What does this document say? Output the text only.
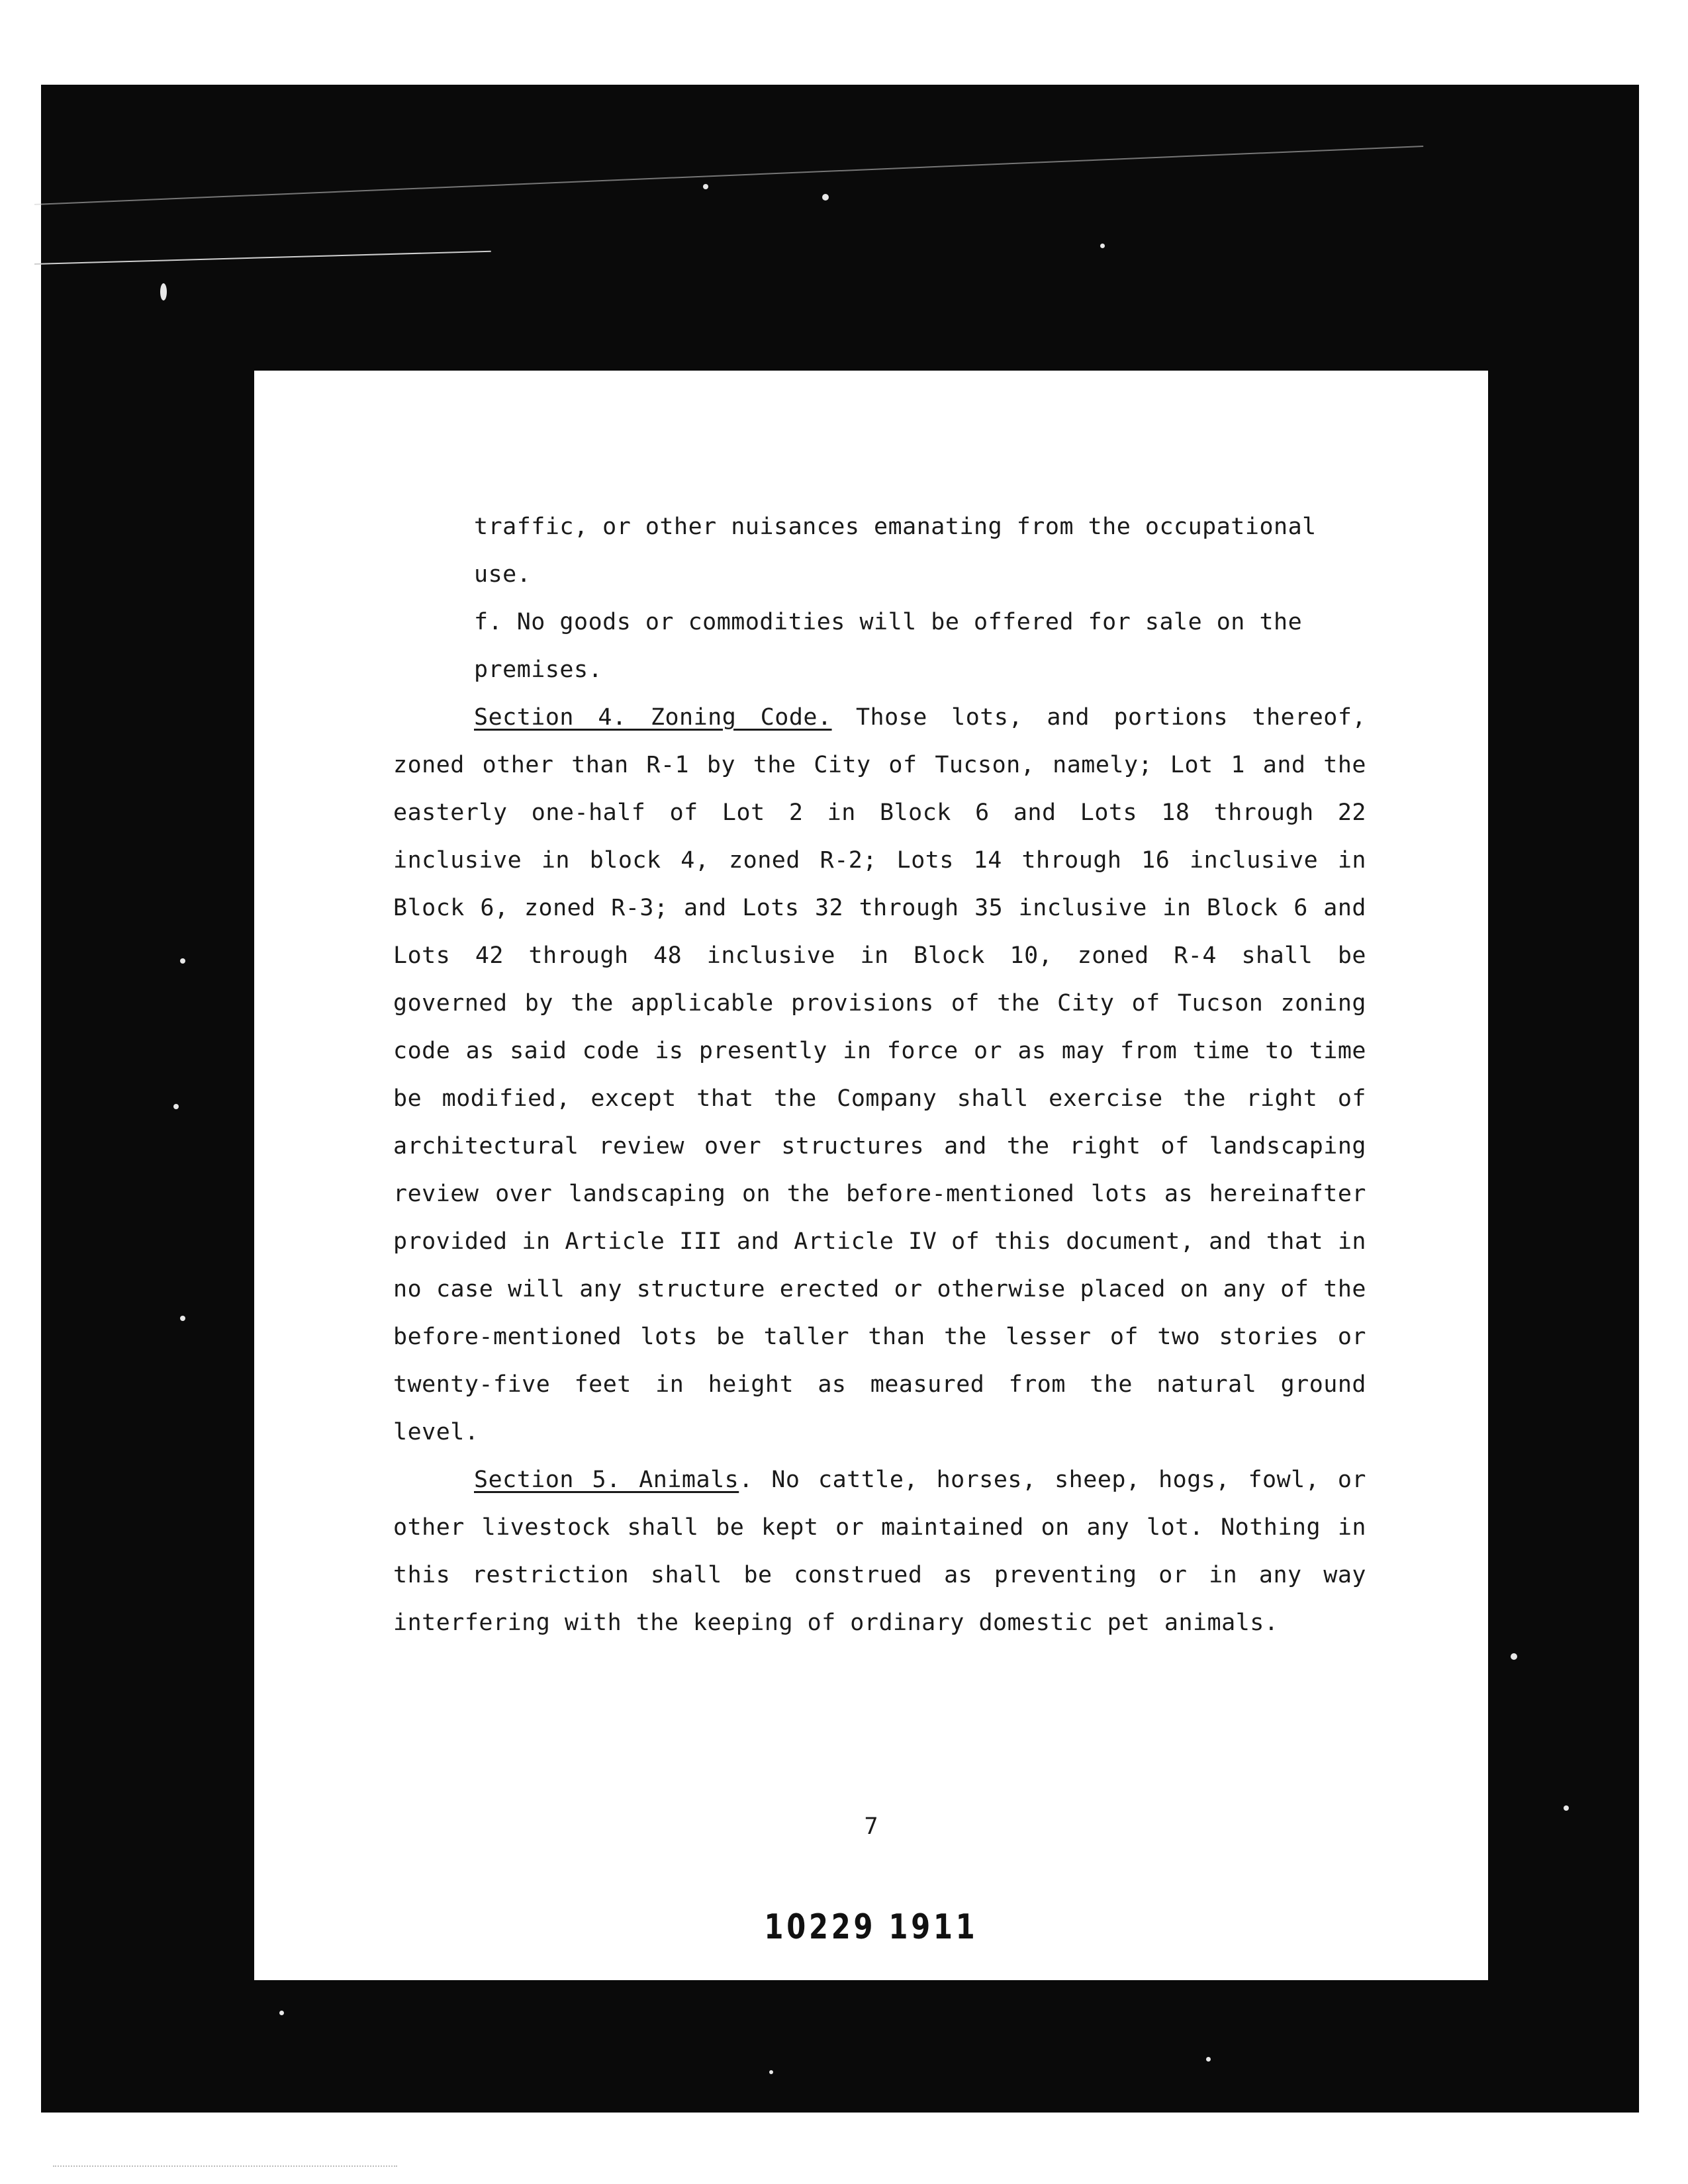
traffic, or other nuisances emanating from the occupational

use.

f. No goods or commodities will be offered for sale on the

premises.

Section 4. Zoning Code. Those lots, and portions thereof, zoned other than R-1 by the City of Tucson, namely; Lot 1 and the easterly one-half of Lot 2 in Block 6 and Lots 18 through 22 inclusive in block 4, zoned R-2; Lots 14 through 16 inclusive in Block 6, zoned R-3; and Lots 32 through 35 inclusive in Block 6 and Lots 42 through 48 inclusive in Block 10, zoned R-4 shall be governed by the applicable provisions of the City of Tucson zoning code as said code is presently in force or as may from time to time be modified, except that the Company shall exercise the right of architectural review over structures and the right of landscaping review over landscaping on the before-mentioned lots as hereinafter provided in Article III and Article IV of this document, and that in no case will any structure erected or otherwise placed on any of the before-mentioned lots be taller than the lesser of two stories or twenty-five feet in height as measured from the natural ground level.

Section 5. Animals. No cattle, horses, sheep, hogs, fowl, or other livestock shall be kept or maintained on any lot. Nothing in this restriction shall be construed as preventing or in any way interfering with the keeping of ordinary domestic pet animals.

7
10229 1911
